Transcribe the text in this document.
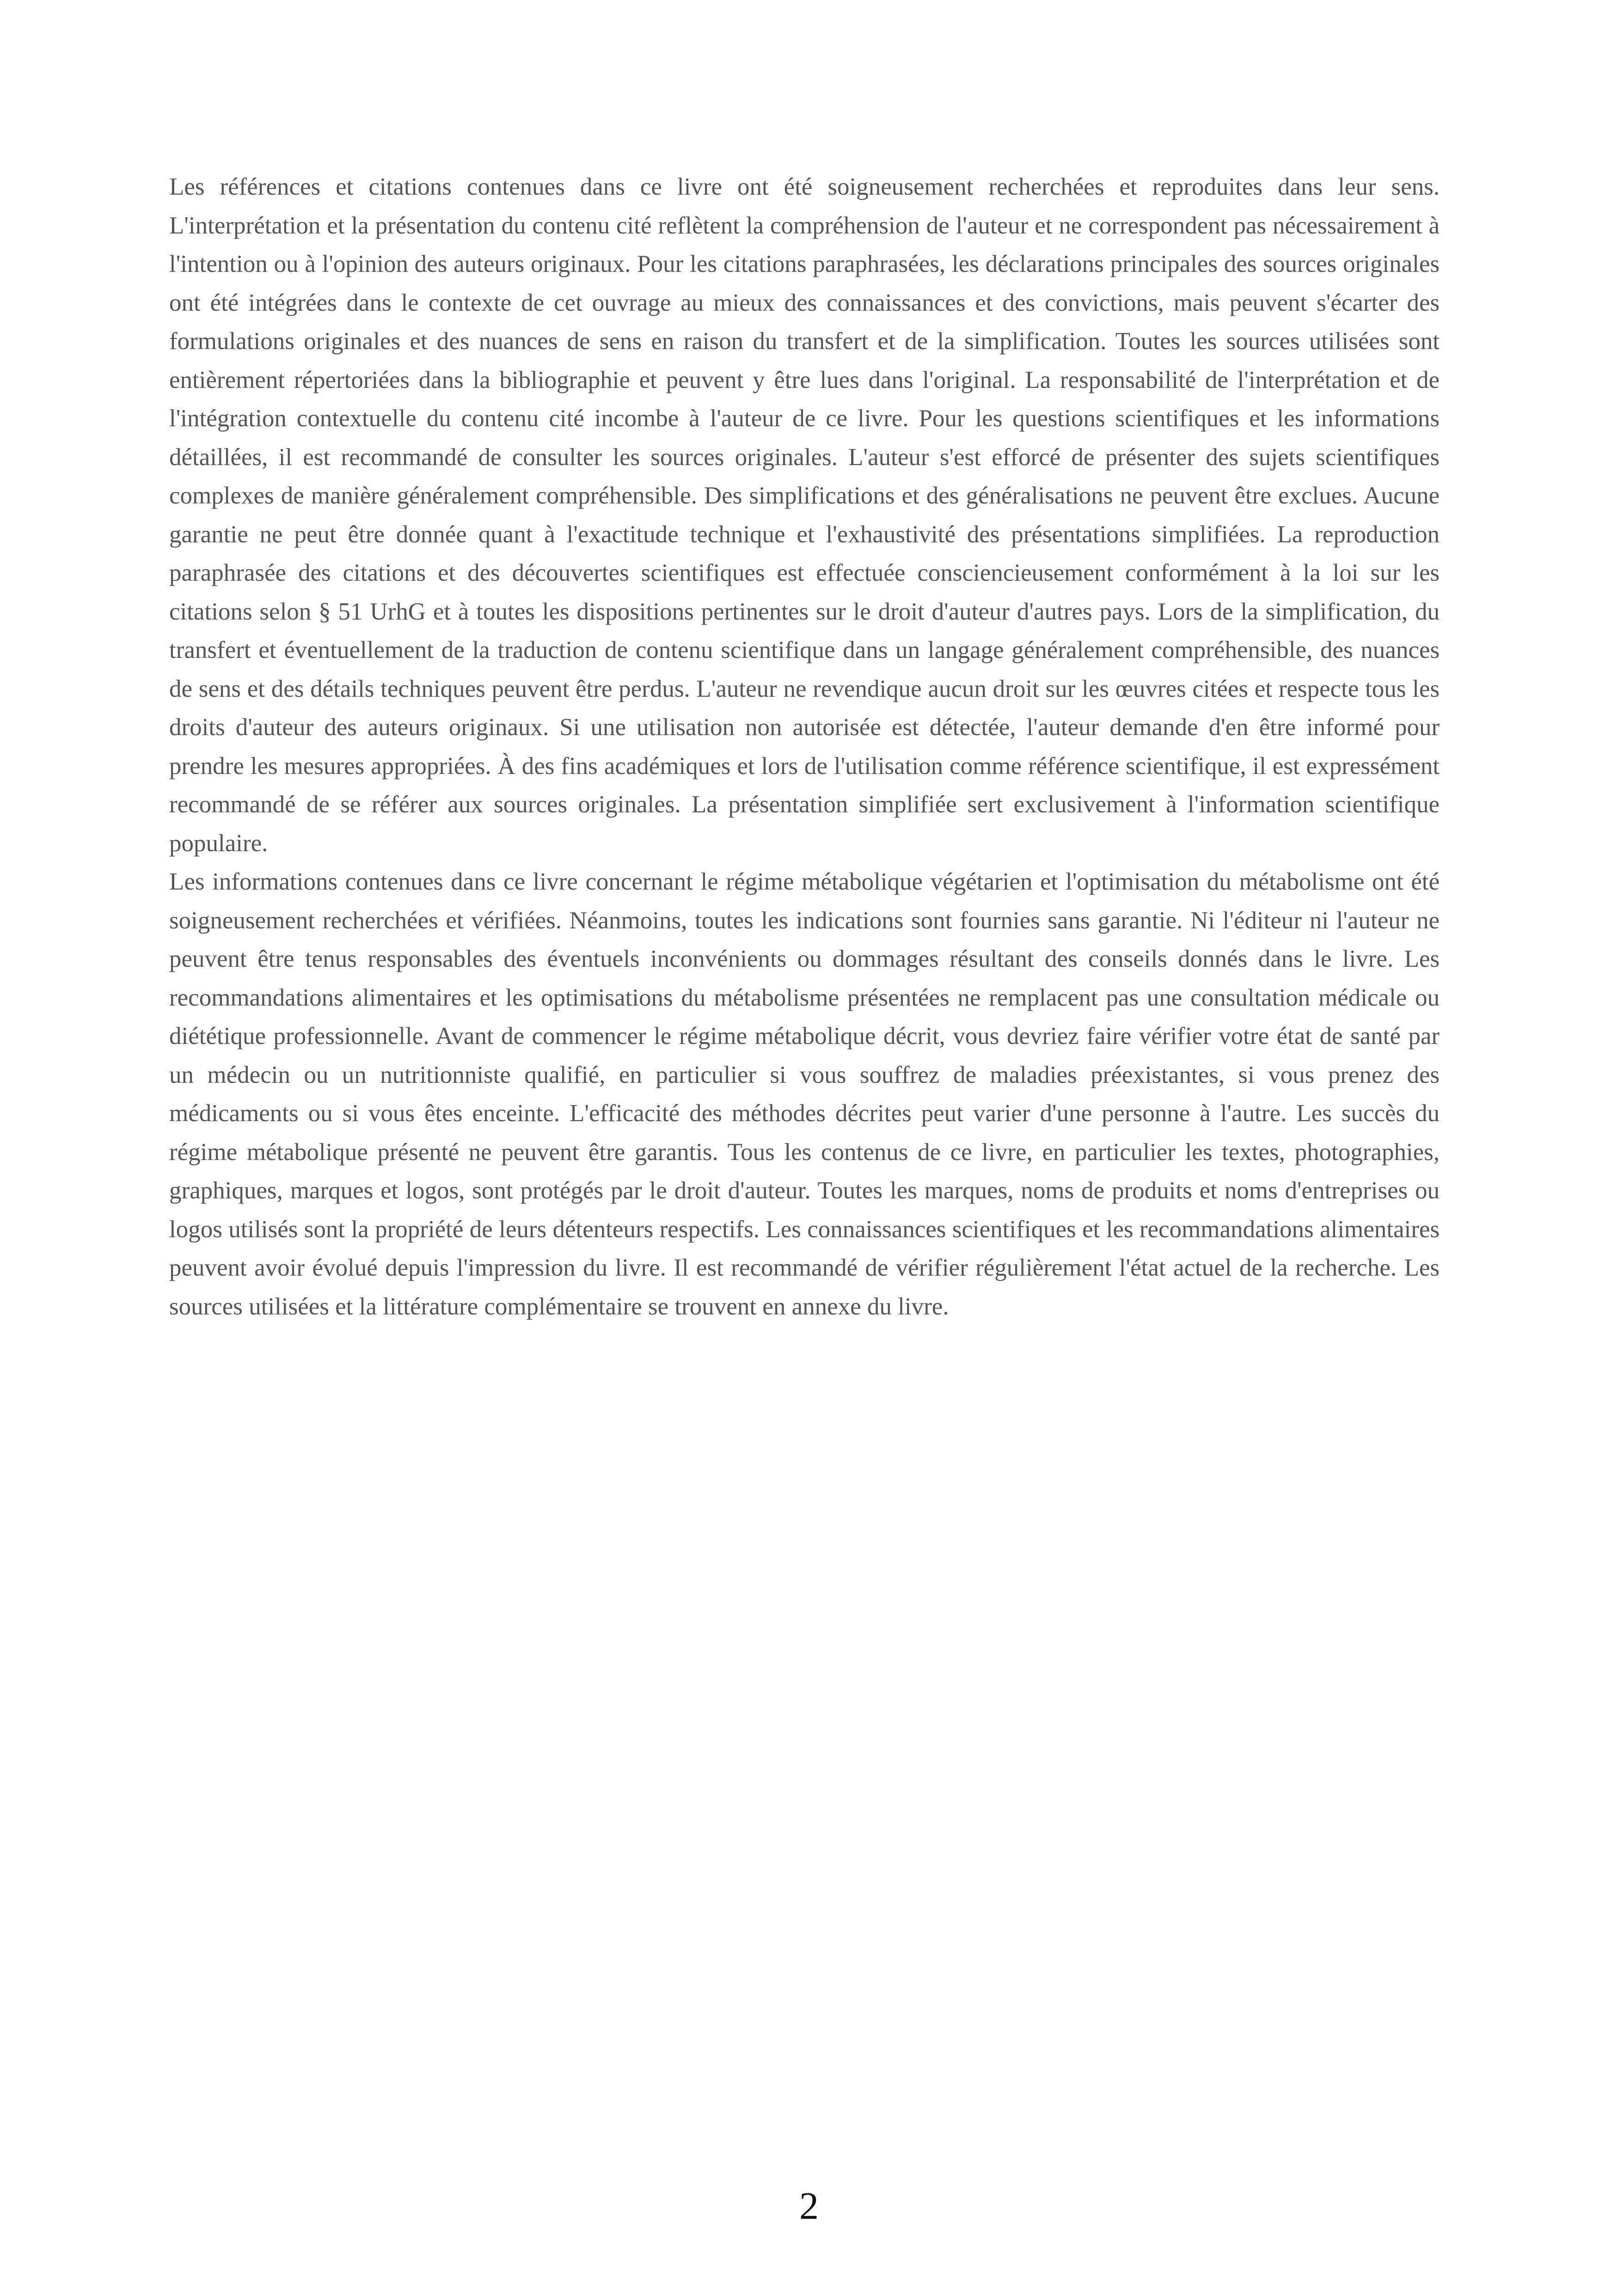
Les références et citations contenues dans ce livre ont été soigneusement recherchées et reproduites dans leur sens. L'interprétation et la présentation du contenu cité reflètent la compréhension de l'auteur et ne correspondent pas nécessairement à l'intention ou à l'opinion des auteurs originaux. Pour les citations paraphrasées, les déclarations principales des sources originales ont été intégrées dans le contexte de cet ouvrage au mieux des connaissances et des convictions, mais peuvent s'écarter des formulations originales et des nuances de sens en raison du transfert et de la simplification. Toutes les sources utilisées sont entièrement répertoriées dans la bibliographie et peuvent y être lues dans l'original. La responsabilité de l'interprétation et de l'intégration contextuelle du contenu cité incombe à l'auteur de ce livre. Pour les questions scientifiques et les informations détaillées, il est recommandé de consulter les sources originales. L'auteur s'est efforcé de présenter des sujets scientifiques complexes de manière généralement compréhensible. Des simplifications et des généralisations ne peuvent être exclues. Aucune garantie ne peut être donnée quant à l'exactitude technique et l'exhaustivité des présentations simplifiées. La reproduction paraphrasée des citations et des découvertes scientifiques est effectuée consciencieusement conformément à la loi sur les citations selon § 51 UrhG et à toutes les dispositions pertinentes sur le droit d'auteur d'autres pays. Lors de la simplification, du transfert et éventuellement de la traduction de contenu scientifique dans un langage généralement compréhensible, des nuances de sens et des détails techniques peuvent être perdus. L'auteur ne revendique aucun droit sur les œuvres citées et respecte tous les droits d'auteur des auteurs originaux. Si une utilisation non autorisée est détectée, l'auteur demande d'en être informé pour prendre les mesures appropriées. À des fins académiques et lors de l'utilisation comme référence scientifique, il est expressément recommandé de se référer aux sources originales. La présentation simplifiée sert exclusivement à l'information scientifique populaire.

Les informations contenues dans ce livre concernant le régime métabolique végétarien et l'optimisation du métabolisme ont été soigneusement recherchées et vérifiées. Néanmoins, toutes les indications sont fournies sans garantie. Ni l'éditeur ni l'auteur ne peuvent être tenus responsables des éventuels inconvénients ou dommages résultant des conseils donnés dans le livre. Les recommandations alimentaires et les optimisations du métabolisme présentées ne remplacent pas une consultation médicale ou diététique professionnelle. Avant de commencer le régime métabolique décrit, vous devriez faire vérifier votre état de santé par un médecin ou un nutritionniste qualifié, en particulier si vous souffrez de maladies préexistantes, si vous prenez des médicaments ou si vous êtes enceinte. L'efficacité des méthodes décrites peut varier d'une personne à l'autre. Les succès du régime métabolique présenté ne peuvent être garantis. Tous les contenus de ce livre, en particulier les textes, photographies, graphiques, marques et logos, sont protégés par le droit d'auteur. Toutes les marques, noms de produits et noms d'entreprises ou logos utilisés sont la propriété de leurs détenteurs respectifs. Les connaissances scientifiques et les recommandations alimentaires peuvent avoir évolué depuis l'impression du livre. Il est recommandé de vérifier régulièrement l'état actuel de la recherche. Les sources utilisées et la littérature complémentaire se trouvent en annexe du livre.

2
